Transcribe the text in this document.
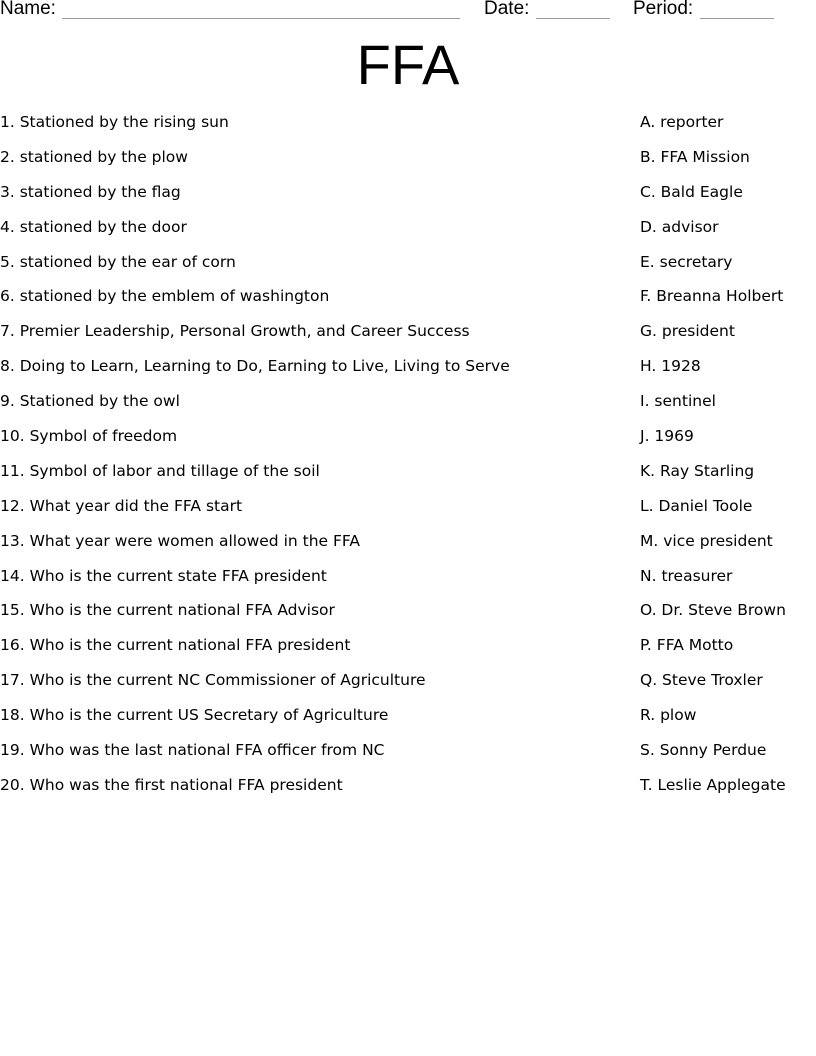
Name:	Date:	Period:
FFA
1. Stationed by the rising sun
2. stationed by the plow
3. stationed by the flag
4. stationed by the door
5. stationed by the ear of corn
6. stationed by the emblem of washington
7. Premier Leadership, Personal Growth, and Career Success
8. Doing to Learn, Learning to Do, Earning to Live, Living to Serve
9. Stationed by the owl
10. Symbol of freedom
11. Symbol of labor and tillage of the soil
12. What year did the FFA start
13. What year were women allowed in the FFA
14. Who is the current state FFA president
15. Who is the current national FFA Advisor
16. Who is the current national FFA president
17. Who is the current NC Commissioner of Agriculture
18. Who is the current US Secretary of Agriculture
19. Who was the last national FFA officer from NC
20. Who was the first national FFA president
A. reporter
B. FFA Mission
C. Bald Eagle
D. advisor
E. secretary
F. Breanna Holbert
G. president
H. 1928
I. sentinel
J. 1969
K. Ray Starling
L. Daniel Toole
M. vice president
N. treasurer
O. Dr. Steve Brown
P. FFA Motto
Q. Steve Troxler
R. plow
S. Sonny Perdue
T. Leslie Applegate
